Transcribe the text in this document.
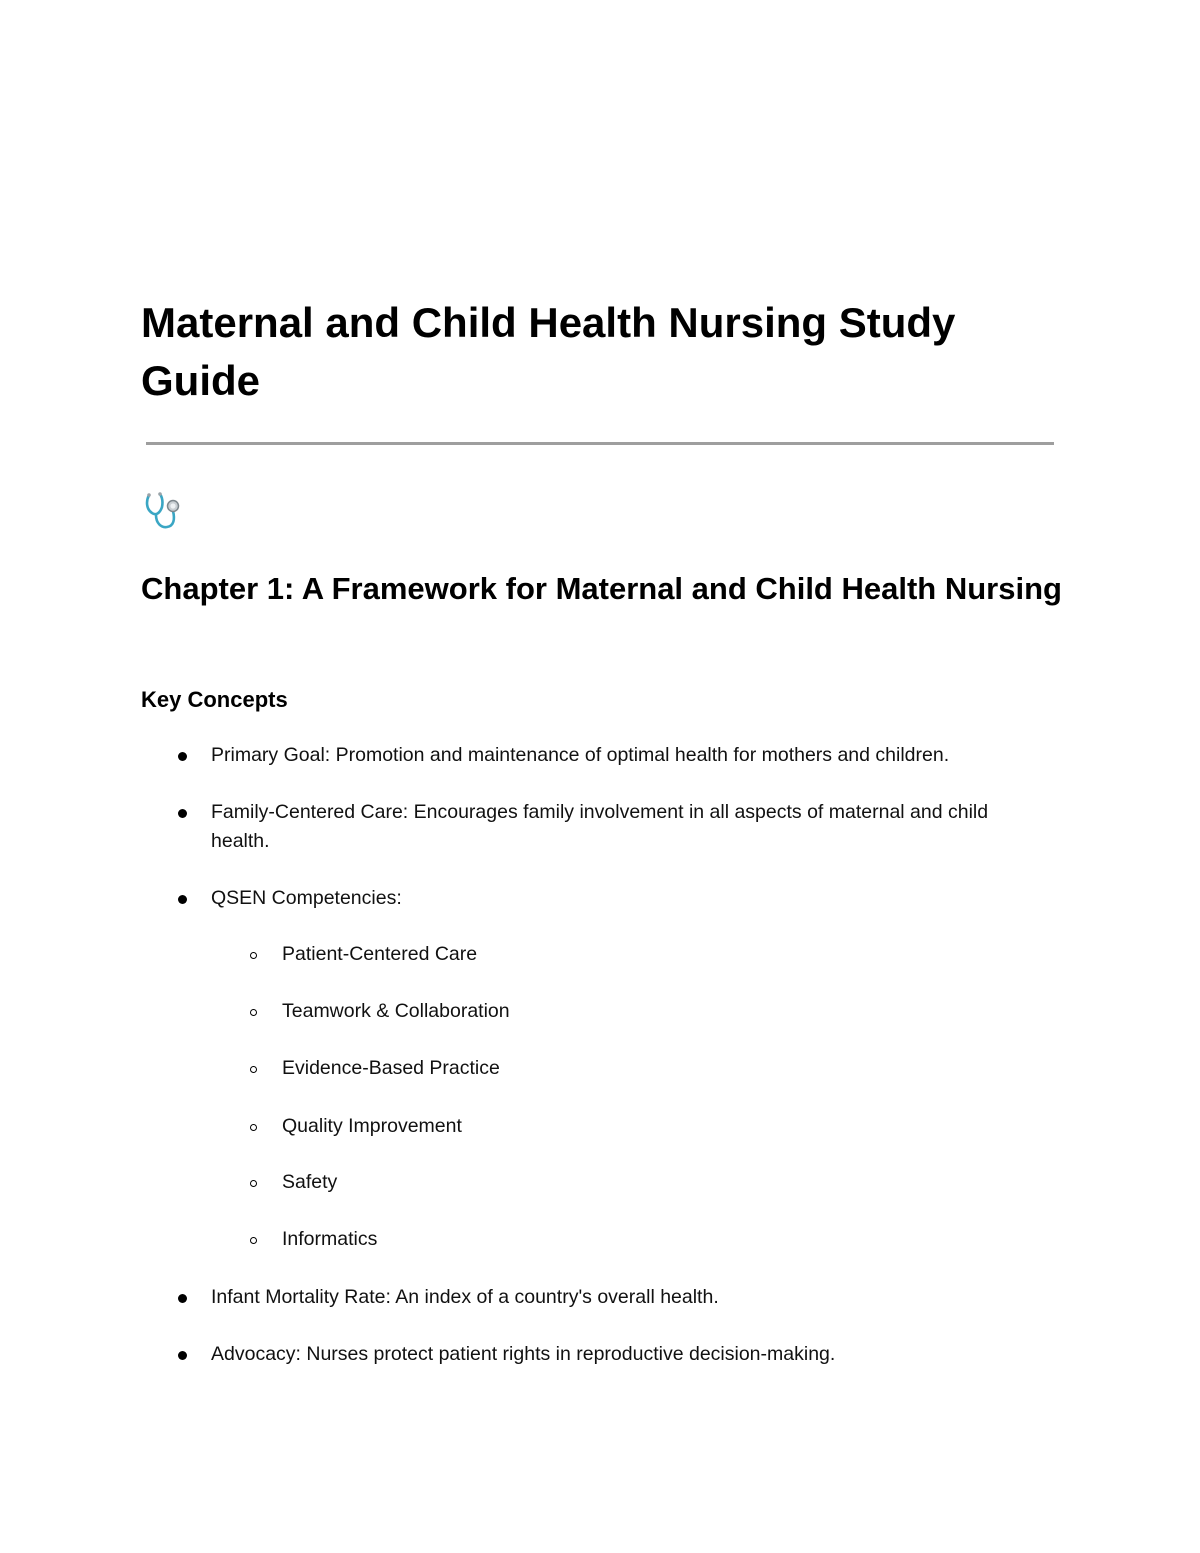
Maternal and Child Health Nursing Study Guide
Chapter 1: A Framework for Maternal and Child Health Nursing
Key Concepts
Primary Goal: Promotion and maintenance of optimal health for mothers and children.
Family-Centered Care: Encourages family involvement in all aspects of maternal and child health.
QSEN Competencies:
Patient-Centered Care
Teamwork & Collaboration
Evidence-Based Practice
Quality Improvement
Safety
Informatics
Infant Mortality Rate: An index of a country's overall health.
Advocacy: Nurses protect patient rights in reproductive decision-making.
